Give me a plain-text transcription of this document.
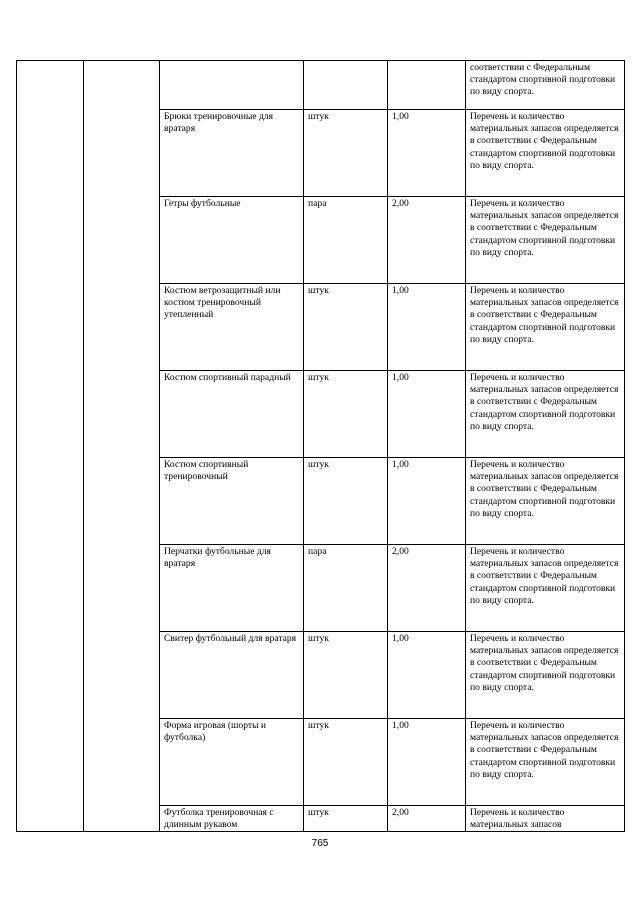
					соответствии с Федеральным стандартом спортивной подготовки по виду спорта.
		Брюки тренировочные для вратаря	штук	1,00	Перечень и количество материальных запасов определяется в соответствии с Федеральным стандартом спортивной подготовки по виду спорта.
		Гетры футбольные	пара	2,00	Перечень и количество материальных запасов определяется в соответствии с Федеральным стандартом спортивной подготовки по виду спорта.
		Костюм ветрозащитный или костюм тренировочный утепленный	штук	1,00	Перечень и количество материальных запасов определяется в соответствии с Федеральным стандартом спортивной подготовки по виду спорта.
		Костюм спортивный парадный	штук	1,00	Перечень и количество материальных запасов определяется в соответствии с Федеральным стандартом спортивной подготовки по виду спорта.
		Костюм спортивный тренировочный	штук	1,00	Перечень и количество материальных запасов определяется в соответствии с Федеральным стандартом спортивной подготовки по виду спорта.
		Перчатки футбольные для вратаря	пара	2,00	Перечень и количество материальных запасов определяется в соответствии с Федеральным стандартом спортивной подготовки по виду спорта.
		Свитер футбольный для вратаря	штук	1,00	Перечень и количество материальных запасов определяется в соответствии с Федеральным стандартом спортивной подготовки по виду спорта.
		Форма игровая (шорты и футболка)	штук	1,00	Перечень и количество материальных запасов определяется в соответствии с Федеральным стандартом спортивной подготовки по виду спорта.
		Футболка тренировочная с длинным рукавом	штук	2,00	Перечень и количество материальных запасов
765
